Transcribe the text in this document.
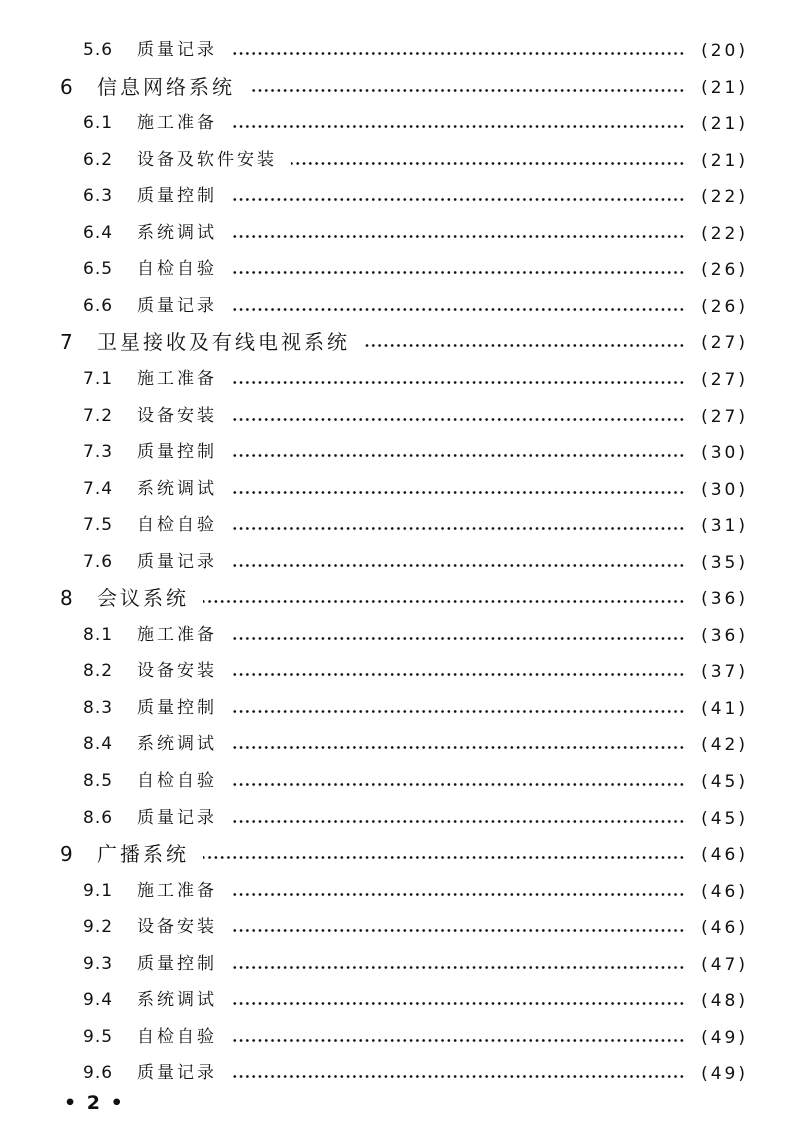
5.6 质量记录	(20)
6 信息网络系统	(21)
6.1 施工准备	(21)
6.2 设备及软件安装	(21)
6.3 质量控制	(22)
6.4 系统调试	(22)
6.5 自检自验	(26)
6.6 质量记录	(26)
7 卫星接收及有线电视系统	(27)
7.1 施工准备	(27)
7.2 设备安装	(27)
7.3 质量控制	(30)
7.4 系统调试	(30)
7.5 自检自验	(31)
7.6 质量记录	(35)
8 会议系统	(36)
8.1 施工准备	(36)
8.2 设备安装	(37)
8.3 质量控制	(41)
8.4 系统调试	(42)
8.5 自检自验	(45)
8.6 质量记录	(45)
9 广播系统	(46)
9.1 施工准备	(46)
9.2 设备安装	(46)
9.3 质量控制	(47)
9.4 系统调试	(48)
9.5 自检自验	(49)
9.6 质量记录	(49)
• 2 •
